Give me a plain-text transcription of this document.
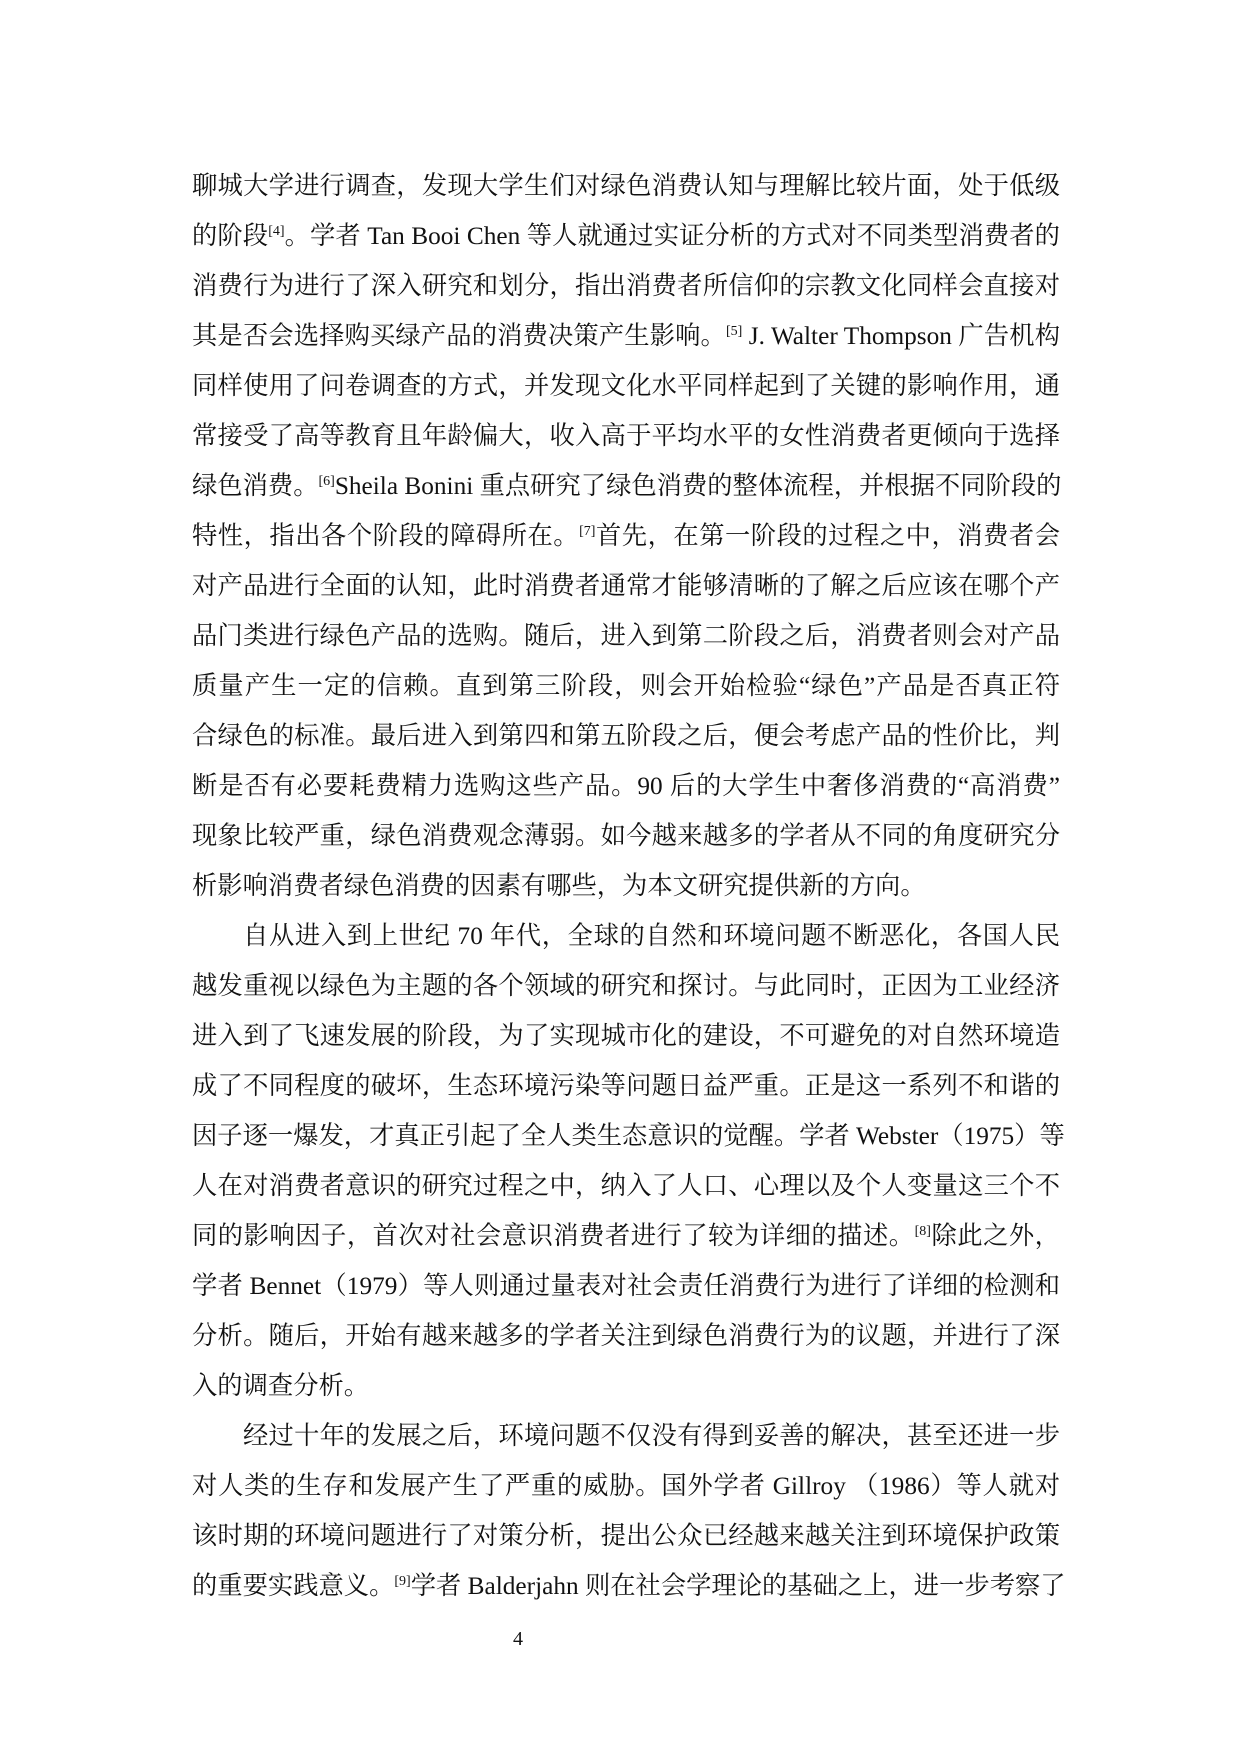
聊城大学进行调查，发现大学生们对绿色消费认知与理解比较片面，处于低级
的阶段[4]。学者 Tan Booi Chen 等人就通过实证分析的方式对不同类型消费者的
消费行为进行了深入研究和划分，指出消费者所信仰的宗教文化同样会直接对
其是否会选择购买绿产品的消费决策产生影响。[5] J. Walter Thompson 广告机构
同样使用了问卷调查的方式，并发现文化水平同样起到了关键的影响作用，通
常接受了高等教育且年龄偏大，收入高于平均水平的女性消费者更倾向于选择
绿色消费。[6]Sheila Bonini 重点研究了绿色消费的整体流程，并根据不同阶段的
特性，指出各个阶段的障碍所在。[7]首先，在第一阶段的过程之中，消费者会
对产品进行全面的认知，此时消费者通常才能够清晰的了解之后应该在哪个产
品门类进行绿色产品的选购。随后，进入到第二阶段之后，消费者则会对产品
质量产生一定的信赖。直到第三阶段，则会开始检验“绿色”产品是否真正符
合绿色的标准。最后进入到第四和第五阶段之后，便会考虑产品的性价比，判
断是否有必要耗费精力选购这些产品。90 后的大学生中奢侈消费的“高消费”
现象比较严重，绿色消费观念薄弱。如今越来越多的学者从不同的角度研究分
析影响消费者绿色消费的因素有哪些，为本文研究提供新的方向。
自从进入到上世纪 70 年代，全球的自然和环境问题不断恶化，各国人民
越发重视以绿色为主题的各个领域的研究和探讨。与此同时，正因为工业经济
进入到了飞速发展的阶段，为了实现城市化的建设，不可避免的对自然环境造
成了不同程度的破坏，生态环境污染等问题日益严重。正是这一系列不和谐的
因子逐一爆发，才真正引起了全人类生态意识的觉醒。学者 Webster（1975）等
人在对消费者意识的研究过程之中，纳入了人口、心理以及个人变量这三个不
同的影响因子，首次对社会意识消费者进行了较为详细的描述。[8]除此之外，
学者 Bennet（1979）等人则通过量表对社会责任消费行为进行了详细的检测和
分析。随后，开始有越来越多的学者关注到绿色消费行为的议题，并进行了深
入的调查分析。
经过十年的发展之后，环境问题不仅没有得到妥善的解决，甚至还进一步
对人类的生存和发展产生了严重的威胁。国外学者 Gillroy （1986）等人就对
该时期的环境问题进行了对策分析，提出公众已经越来越关注到环境保护政策
的重要实践意义。[9]学者 Balderjahn 则在社会学理论的基础之上，进一步考察了
4
